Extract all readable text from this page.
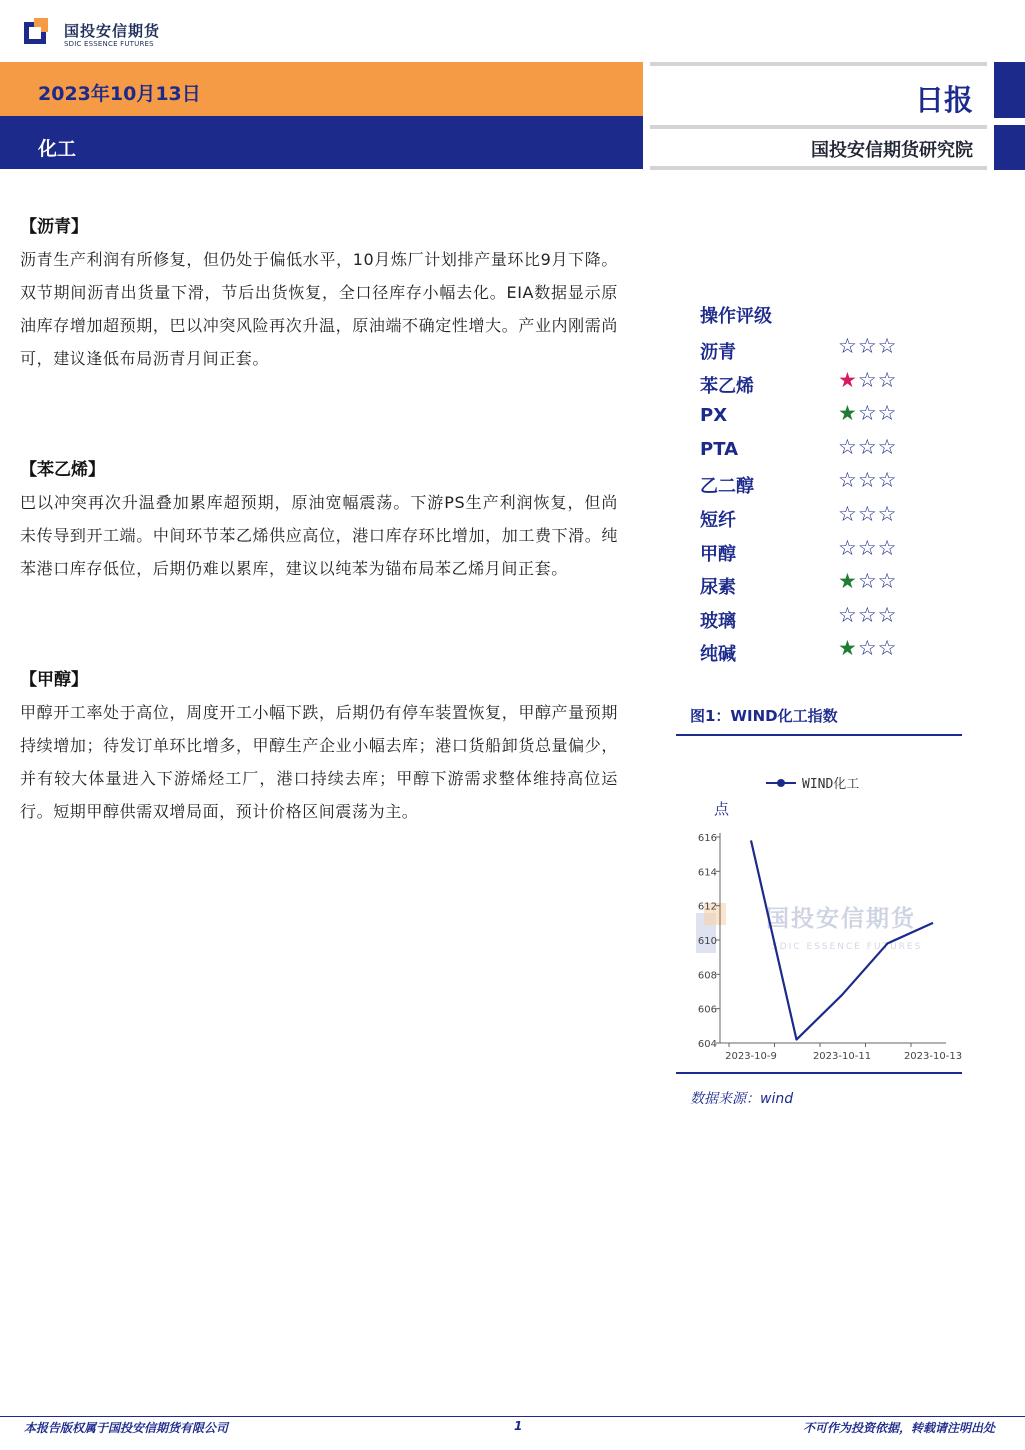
国投安信期货
SDIC ESSENCE FUTURES
2023年10月13日
化工
日报
国投安信期货研究院
【沥青】
沥青生产利润有所修复，但仍处于偏低水平，10月炼厂计划排产量环比9月下降。双节期间沥青出货量下滑，节后出货恢复，全口径库存小幅去化。EIA数据显示原油库存增加超预期，巴以冲突风险再次升温，原油端不确定性增大。产业内刚需尚可，建议逢低布局沥青月间正套。
【苯乙烯】
巴以冲突再次升温叠加累库超预期，原油宽幅震荡。下游PS生产利润恢复，但尚未传导到开工端。中间环节苯乙烯供应高位，港口库存环比增加，加工费下滑。纯苯港口库存低位，后期仍难以累库，建议以纯苯为锚布局苯乙烯月间正套。
【甲醇】
甲醇开工率处于高位，周度开工小幅下跌，后期仍有停车装置恢复，甲醇产量预期持续增加；待发订单环比增多，甲醇生产企业小幅去库；港口货船卸货总量偏少，并有较大体量进入下游烯烃工厂，港口持续去库；甲醇下游需求整体维持高位运行。短期甲醇供需双增局面，预计价格区间震荡为主。
操作评级
沥青	☆☆☆
苯乙烯	★☆☆
PX	★☆☆
PTA	☆☆☆
乙二醇	☆☆☆
短纤	☆☆☆
甲醇	☆☆☆
尿素	★☆☆
玻璃	☆☆☆
纯碱	★☆☆
图1：WIND化工指数
国投安信期货
SDIC ESSENCE FUTURES
WIND化工
点
616
614
612
610
608
606
604
2023-10-9	2023-10-11	2023-10-13
数据来源：wind
本报告版权属于国投安信期货有限公司	1	不可作为投资依据，转载请注明出处
